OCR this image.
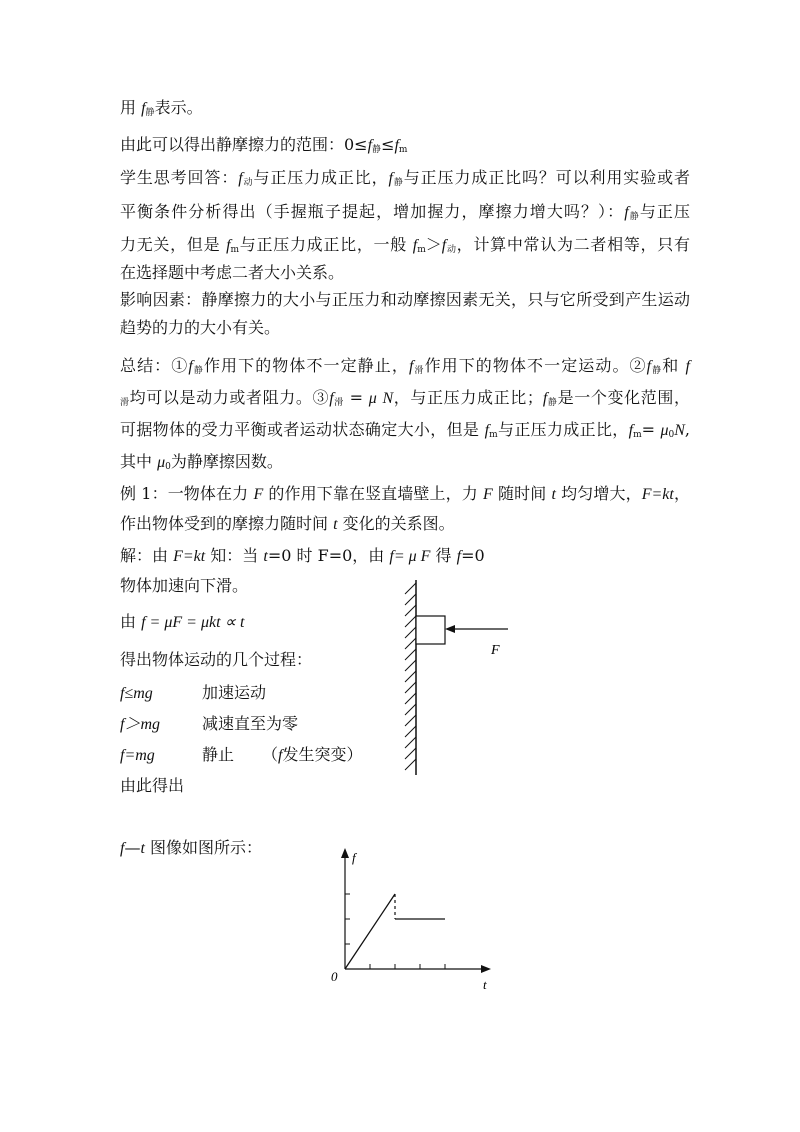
用 $f_静$表示。
由此可以得出静摩擦力的范围：$0\le f_静\le f_m$
学生思考回答：$f_动$与正压力成正比，$f_静$与正压力成正比吗？可以利用实验或者
平衡条件分析得出（手握瓶子提起，增加握力，摩擦力增大吗？）：$f_静$与正压
力无关，但是 $f_m$与正压力成正比，一般 $f_m>f_动$，计算中常认为二者相等，只有
在选择题中考虑二者大小关系。
影响因素：静摩擦力的大小与正压力和动摩擦因素无关，只与它所受到产生运动
趋势的力的大小有关。
总结：$①f_静$作用下的物体不一定静止，$f_滑$作用下的物体不一定运动。$②f_静$和 f
$_滑$均可以是动力或者阻力。$③f_滑 = \mu$ N，与正压力成正比；$f_静$是一个变化范围，
可据物体的受力平衡或者运动状态确定大小，但是 $f_m$与正压力成正比，$f_m= \mu_0N$,
其中 $\mu_0$为静摩擦因数。
例 1：一物体在力 F 的作用下靠在竖直墙壁上，力 F 随时间 t 均匀增大，F=kt，
作出物体受到的摩擦力随时间 t 变化的关系图。
解：由 F=kt 知：当 t=0 时 F=0，由 f= μ F 得 f=0
物体加速向下滑。
由 f = μF = μkt ∝ t
得出物体运动的几个过程：
f≤mg	加速运动
f＞mg	减速直至为零
f=mg	静止 （f发生突变）
由此得出
f—t 图像如图所示：
F
f
t
0
